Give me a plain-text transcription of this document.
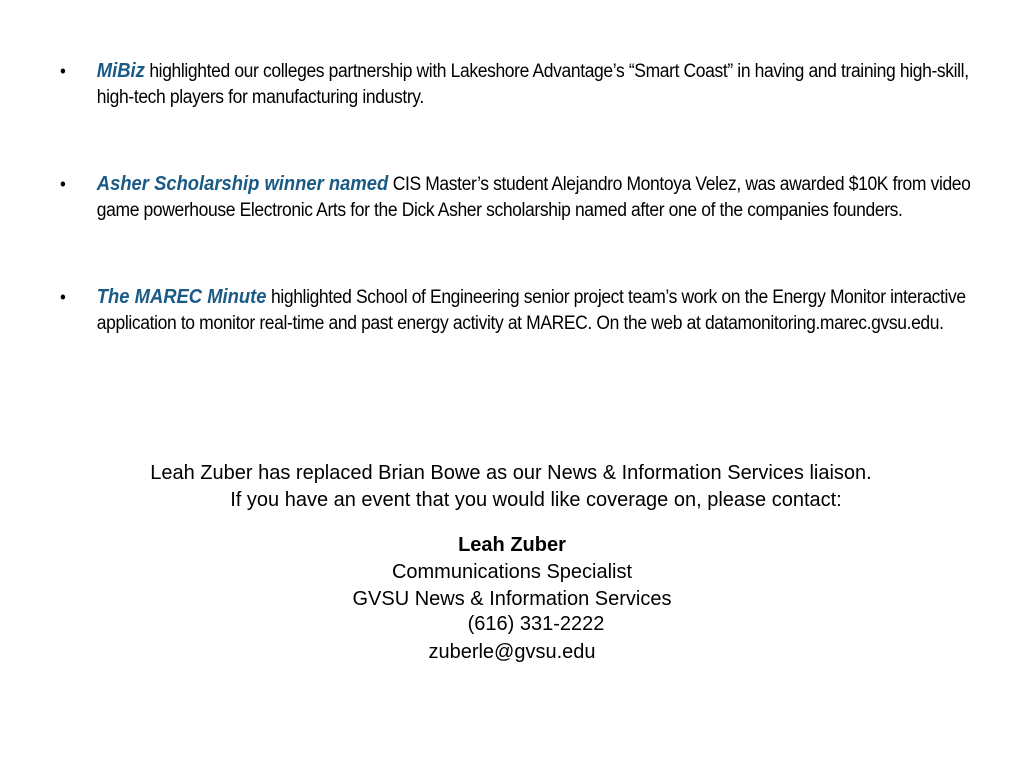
• MiBiz highlighted our colleges partnership with Lakeshore Advantage’s “Smart Coast” in having and training high-skill, high-tech players for manufacturing industry.
• Asher Scholarship winner named CIS Master’s student Alejandro Montoya Velez, was awarded $10K from video game powerhouse Electronic Arts for the Dick Asher scholarship named after one of the companies founders.
• The MAREC Minute highlighted School of Engineering senior project team’s work on the Energy Monitor interactive application to monitor real-time and past energy activity at MAREC. On the web at datamonitoring.marec.gvsu.edu.
Leah Zuber has replaced Brian Bowe as our News & Information Services liaison.
If you have an event that you would like coverage on, please contact:
Leah Zuber
Communications Specialist
GVSU News & Information Services
(616) 331-2222
zuberle@gvsu.edu
